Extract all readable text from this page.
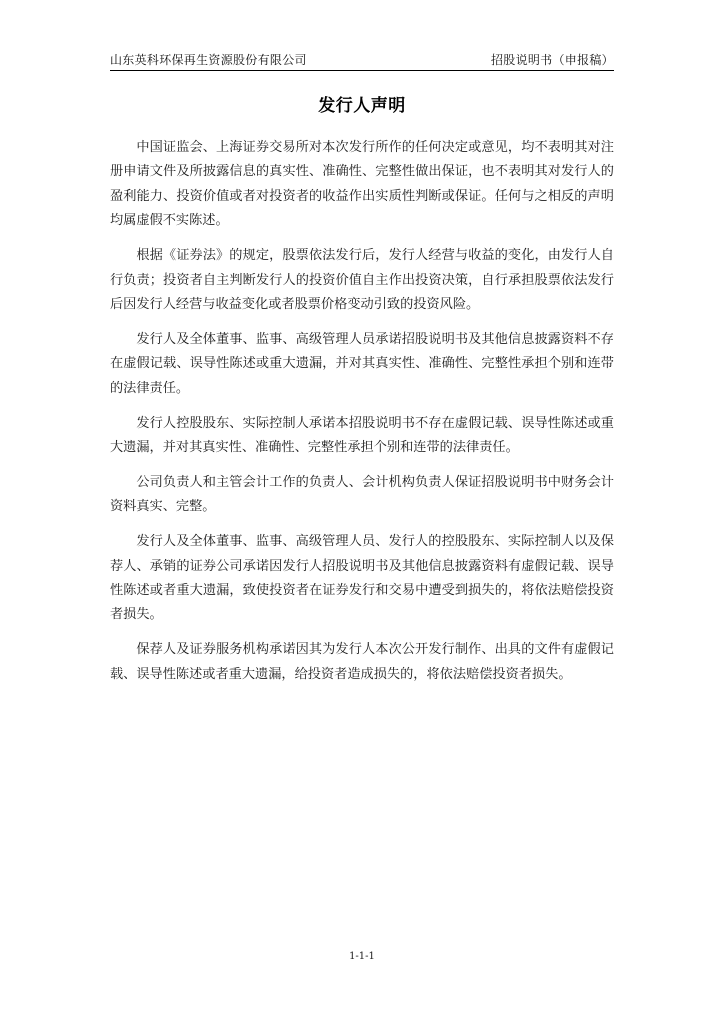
山东英科环保再生资源股份有限公司	招股说明书（申报稿）
发行人声明

中国证监会、上海证券交易所对本次发行所作的任何决定或意见，均不表明其对注册申请文件及所披露信息的真实性、准确性、完整性做出保证，也不表明其对发行人的盈利能力、投资价值或者对投资者的收益作出实质性判断或保证。任何与之相反的声明均属虚假不实陈述。

根据《证券法》的规定，股票依法发行后，发行人经营与收益的变化，由发行人自行负责；投资者自主判断发行人的投资价值自主作出投资决策，自行承担股票依法发行后因发行人经营与收益变化或者股票价格变动引致的投资风险。

发行人及全体董事、监事、高级管理人员承诺招股说明书及其他信息披露资料不存在虚假记载、误导性陈述或重大遗漏，并对其真实性、准确性、完整性承担个别和连带的法律责任。

发行人控股股东、实际控制人承诺本招股说明书不存在虚假记载、误导性陈述或重大遗漏，并对其真实性、准确性、完整性承担个别和连带的法律责任。

公司负责人和主管会计工作的负责人、会计机构负责人保证招股说明书中财务会计资料真实、完整。

发行人及全体董事、监事、高级管理人员、发行人的控股股东、实际控制人以及保荐人、承销的证券公司承诺因发行人招股说明书及其他信息披露资料有虚假记载、误导性陈述或者重大遗漏，致使投资者在证券发行和交易中遭受到损失的，将依法赔偿投资者损失。

保荐人及证券服务机构承诺因其为发行人本次公开发行制作、出具的文件有虚假记载、误导性陈述或者重大遗漏，给投资者造成损失的，将依法赔偿投资者损失。

1-1-1
